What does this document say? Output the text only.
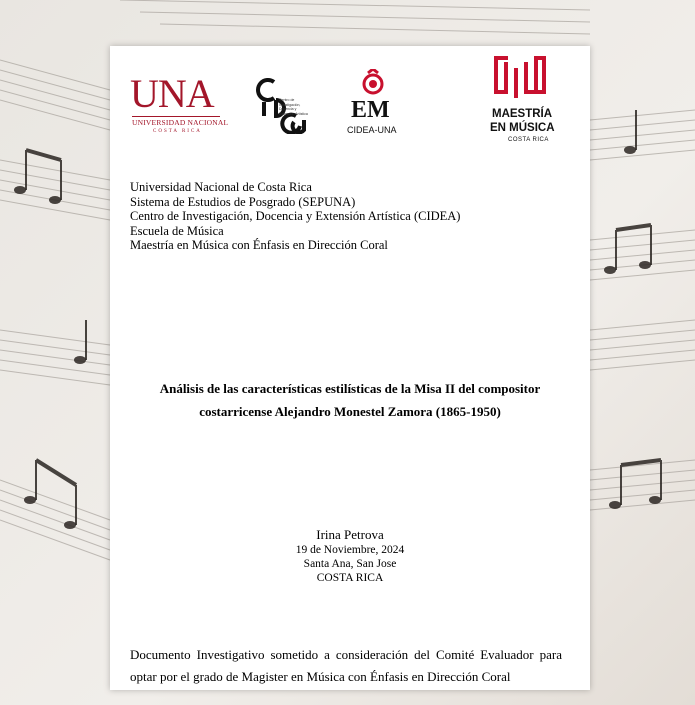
UNA
UNIVERSIDAD NACIONAL
COSTA RICA
Centro de
Investigación,
Docencia y
Extensión Artística EM
CIDEA-UNA
MAESTRÍA
EN MÚSICA
COSTA RICA
Universidad Nacional de Costa Rica
Sistema de Estudios de Posgrado (SEPUNA)
Centro de Investigación, Docencia y Extensión Artística (CIDEA)
Escuela de Música
Maestría en Música con Énfasis en Dirección Coral
Análisis de las características estilísticas de la Misa II del compositor
costarricense Alejandro Monestel Zamora (1865-1950)
Irina Petrova
19 de Noviembre, 2024
Santa Ana, San Jose
COSTA RICA
Documento Investigativo sometido a consideración del Comité Evaluador para optar por el grado de Magister en Música con Énfasis en Dirección Coral
